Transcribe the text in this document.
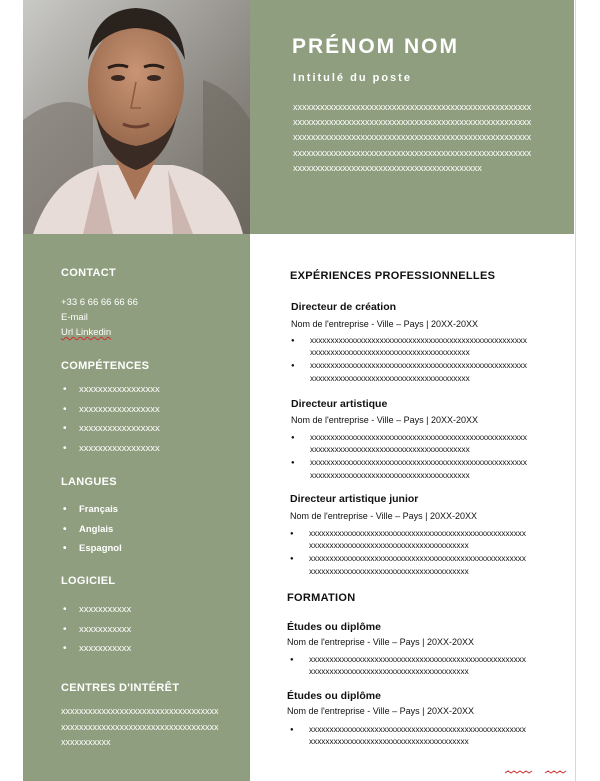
PRÉNOM NOM
Intitulé du poste
xxxxxxxxxxxxxxxxxxxxxxxxxxxxxxxxxxxxxxxxxxxxxxxxxxxxxxxxxxxxxxxxxxxxxxxxxxxxxxxxxxxxxxxxxxxxxxxxxxxxxxxxxxxxxxxxxxxxxxxxxxxxxxxxxxxxxxxxxxxxxxxxxxxxxxxxxxxxxxxxxxxxxxxxxxxxxxxxxxxxxxxxxxxxxxxxxxxxxxxxxxxxxxxxxxxxxxxxxxxxxxxxxxxxxxxxxxxxxxxxxxxxxxxxxxxxxx
CONTACT
+33 6 66 66 66 66
E-mail
Url Linkedin
COMPÉTENCES
• xxxxxxxxxxxxxxxxx
• xxxxxxxxxxxxxxxxx
• xxxxxxxxxxxxxxxxx
• xxxxxxxxxxxxxxxxx
LANGUES
• Français
• Anglais
• Espagnol
LOGICIEL
• xxxxxxxxxxx
• xxxxxxxxxxx
• xxxxxxxxxxx
CENTRES D'INTÉRÊT
xxxxxxxxxxxxxxxxxxxxxxxxxxxxxxxxxxxxxxxxxxxxxxxxxxxxxxxxxxxxxxxxxxxxxxxxxxxxxxxxx
EXPÉRIENCES PROFESSIONNELLES
Directeur de création
Nom de l'entreprise - Ville – Pays | 20XX-20XX
● xxxxxxxxxxxxxxxxxxxxxxxxxxxxxxxxxxxxxxxxxxxxxxxxxxxxxxxxxxxxxxxxxxxxxxxxxxxxxxxxxxxxxxxxxxxx
● xxxxxxxxxxxxxxxxxxxxxxxxxxxxxxxxxxxxxxxxxxxxxxxxxxxxxxxxxxxxxxxxxxxxxxxxxxxxxxxxxxxxxxxxxxxx
Directeur artistique
Nom de l'entreprise - Ville – Pays | 20XX-20XX
● xxxxxxxxxxxxxxxxxxxxxxxxxxxxxxxxxxxxxxxxxxxxxxxxxxxxxxxxxxxxxxxxxxxxxxxxxxxxxxxxxxxxxxxxxxxx
● xxxxxxxxxxxxxxxxxxxxxxxxxxxxxxxxxxxxxxxxxxxxxxxxxxxxxxxxxxxxxxxxxxxxxxxxxxxxxxxxxxxxxxxxxxxx
Directeur artistique junior
Nom de l'entreprise - Ville – Pays | 20XX-20XX
● xxxxxxxxxxxxxxxxxxxxxxxxxxxxxxxxxxxxxxxxxxxxxxxxxxxxxxxxxxxxxxxxxxxxxxxxxxxxxxxxxxxxxxxxxxxx
● xxxxxxxxxxxxxxxxxxxxxxxxxxxxxxxxxxxxxxxxxxxxxxxxxxxxxxxxxxxxxxxxxxxxxxxxxxxxxxxxxxxxxxxxxxxx
FORMATION
Études ou diplôme
Nom de l'entreprise - Ville – Pays | 20XX-20XX
● xxxxxxxxxxxxxxxxxxxxxxxxxxxxxxxxxxxxxxxxxxxxxxxxxxxxxxxxxxxxxxxxxxxxxxxxxxxxxxxxxxxxxxxxxxxx
Études ou diplôme
Nom de l'entreprise - Ville – Pays | 20XX-20XX
● xxxxxxxxxxxxxxxxxxxxxxxxxxxxxxxxxxxxxxxxxxxxxxxxxxxxxxxxxxxxxxxxxxxxxxxxxxxxxxxxxxxxxxxxxxxx
